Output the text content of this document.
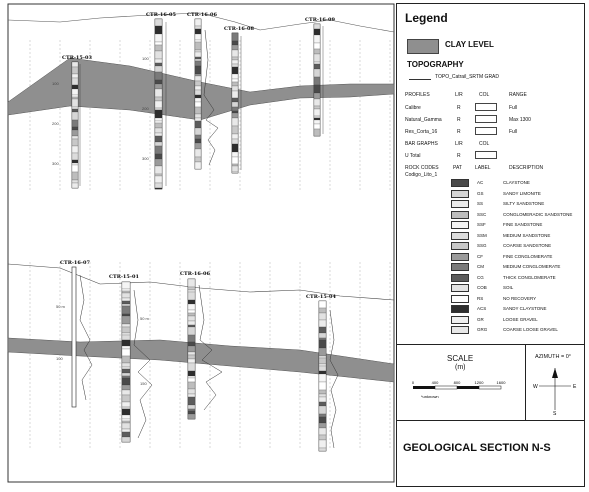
100
200
300
100
200
300
CTR-15-03
CTR-16-05 CTR-16-06
CTR-16-08
CTR-16-09
50 m
100
50 m
150
CTR-16-07
CTR-15-01	CTR-16-06
CTR-15-04
Legend
CLAY LEVEL
TOPOGRAPHY
TOPO_Catrail_SRTM GRAD
PROFILES	L/R	COL	RANGE
Calibre	R	Full
Natural_Gamma	R	Max 1300
Res_Corta_16	R	Full
BAR GRAPHS	L/R	COL
U Total	R
ROCK CODES
Codigo_Lito_1
PAT	LABEL	DESCRIPTION
AC	CLAYSTONE
GS	SANDY LIMONITE
SS	SILTY SANDSTONE
SSC	CONGLOMERADIC SANDSTONE
SSF	FINE SANDSTONE
SSM	MEDIUM SANDSTONE
SSG	COARSE SANDSTONE
CF	FINE CONGLOMERATE
CM	MEDIUM CONGLOMERATE
CG	THICK CONGLOMERATE
COB	SOIL
RS	NO RECOVERY
ACS	SANDY CLAYSTONE
GR	LOOSE GRAVEL
GRG	COARSE LOOSE GRAVEL
SCALE
(m)
0	400	800	1200	1600
*unknown
AZIMUTH = 0°
W	E
S
GEOLOGICAL SECTION N-S
